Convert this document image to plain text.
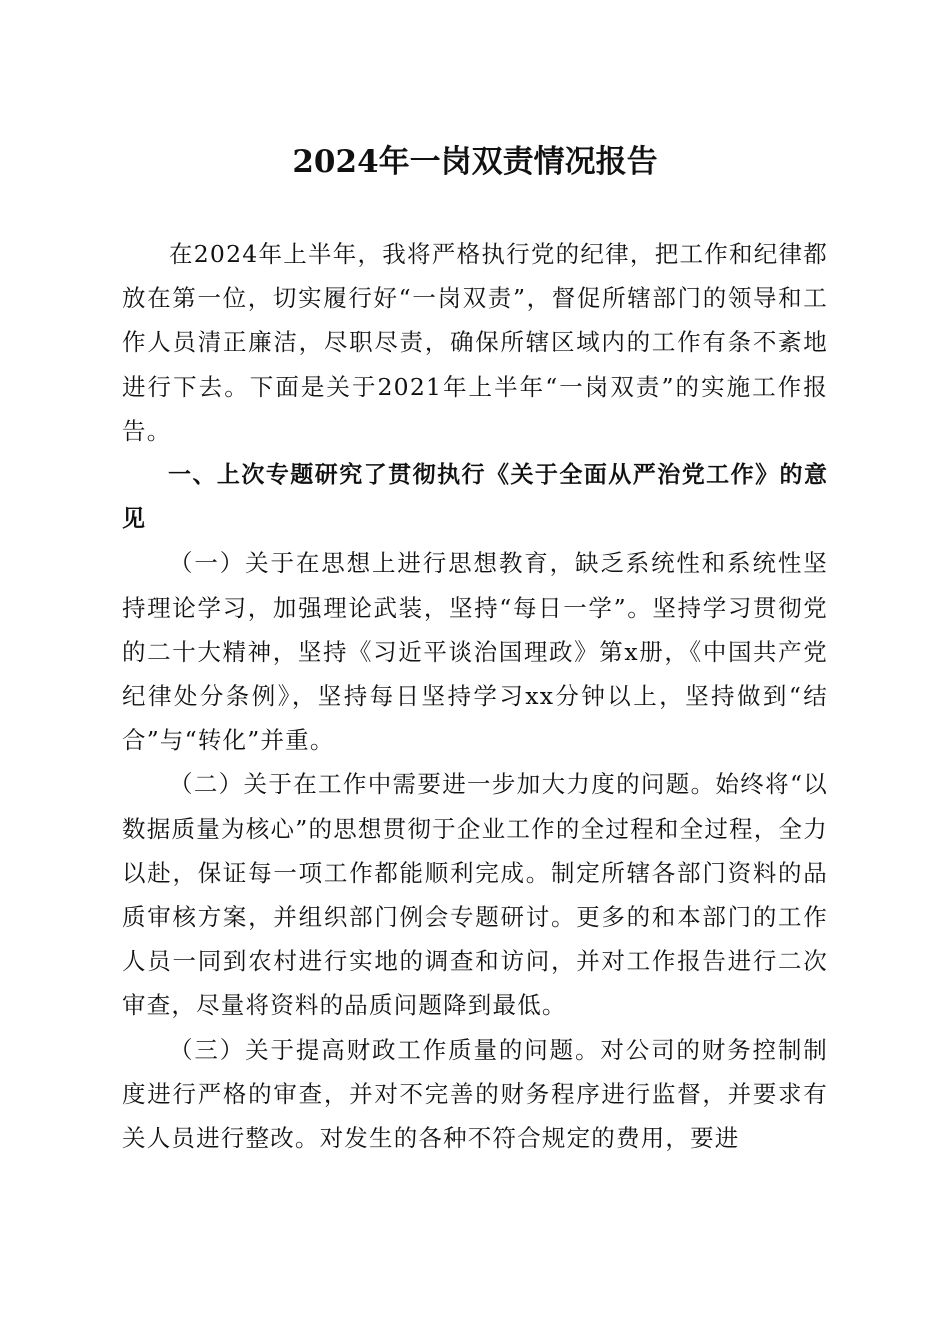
2024年一岗双责情况报告

在2024年上半年，我将严格执行党的纪律，把工作和纪律都放在第一位，切实履行好“一岗双责”，督促所辖部门的领导和工作人员清正廉洁，尽职尽责，确保所辖区域内的工作有条不紊地进行下去。下面是关于2021年上半年“一岗双责”的实施工作报告。

一、上次专题研究了贯彻执行《关于全面从严治党工作》的意见

（一）关于在思想上进行思想教育，缺乏系统性和系统性坚持理论学习，加强理论武装，坚持“每日一学”。坚持学习贯彻党的二十大精神，坚持《习近平谈治国理政》第x册，《中国共产党纪律处分条例》，坚持每日坚持学习xx分钟以上，坚持做到“结合”与“转化”并重。

（二）关于在工作中需要进一步加大力度的问题。始终将“以数据质量为核心”的思想贯彻于企业工作的全过程和全过程，全力以赴，保证每一项工作都能顺利完成。制定所辖各部门资料的品质审核方案，并组织部门例会专题研讨。更多的和本部门的工作人员一同到农村进行实地的调查和访问，并对工作报告进行二次审查，尽量将资料的品质问题降到最低。

（三）关于提高财政工作质量的问题。对公司的财务控制制度进行严格的审查，并对不完善的财务程序进行监督，并要求有关人员进行整改。对发生的各种不符合规定的费用，要进
